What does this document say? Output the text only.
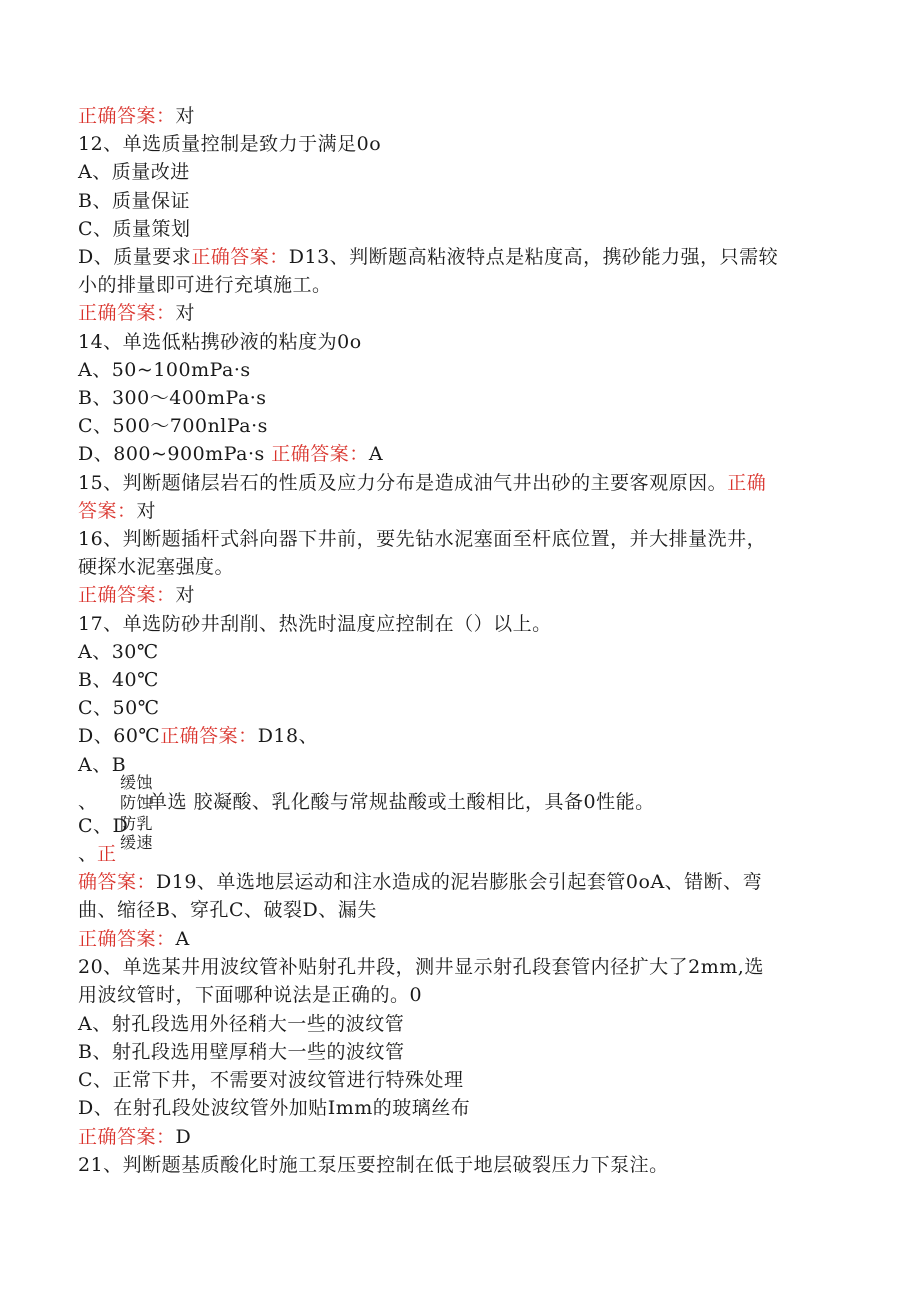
正确答案：对
12、单选质量控制是致力于满足0o
A、质量改进
B、质量保证
C、质量策划
D、质量要求正确答案：D13、判断题高粘液特点是粘度高，携砂能力强，只需较
小的排量即可进行充填施工。
正确答案：对
14、单选低粘携砂液的粘度为0o
A、50~100mPa·s
B、300～400mPa·s
C、500～700nlPa·s
D、800~900mPa·s 正确答案：A
15、判断题储层岩石的性质及应力分布是造成油气井出砂的主要客观原因。正确
答案：对
16、判断题插杆式斜向器下井前，要先钻水泥塞面至杆底位置，并大排量洗井，
硬探水泥塞强度。
正确答案：对
17、单选防砂井刮削、热洗时温度应控制在（）以上。
A、30℃
B、40℃
C、50℃
D、60℃正确答案：D18、
A、B
、
缓蚀
防蚀
单选 胶凝酸、乳化酸与常规盐酸或土酸相比，具备0性能。
C、D
防乳
缓速
、 正
确答案：D19、单选地层运动和注水造成的泥岩膨胀会引起套管0oA、错断、弯
曲、缩径B、穿孔C、破裂D、漏失
正确答案：A
20、单选某井用波纹管补贴射孔井段，测井显示射孔段套管内径扩大了2mm,选
用波纹管时，下面哪种说法是正确的。0
A、射孔段选用外径稍大一些的波纹管
B、射孔段选用壁厚稍大一些的波纹管
C、正常下井，不需要对波纹管进行特殊处理
D、在射孔段处波纹管外加贴Imm的玻璃丝布
正确答案：D
21、判断题基质酸化时施工泵压要控制在低于地层破裂压力下泵注。
